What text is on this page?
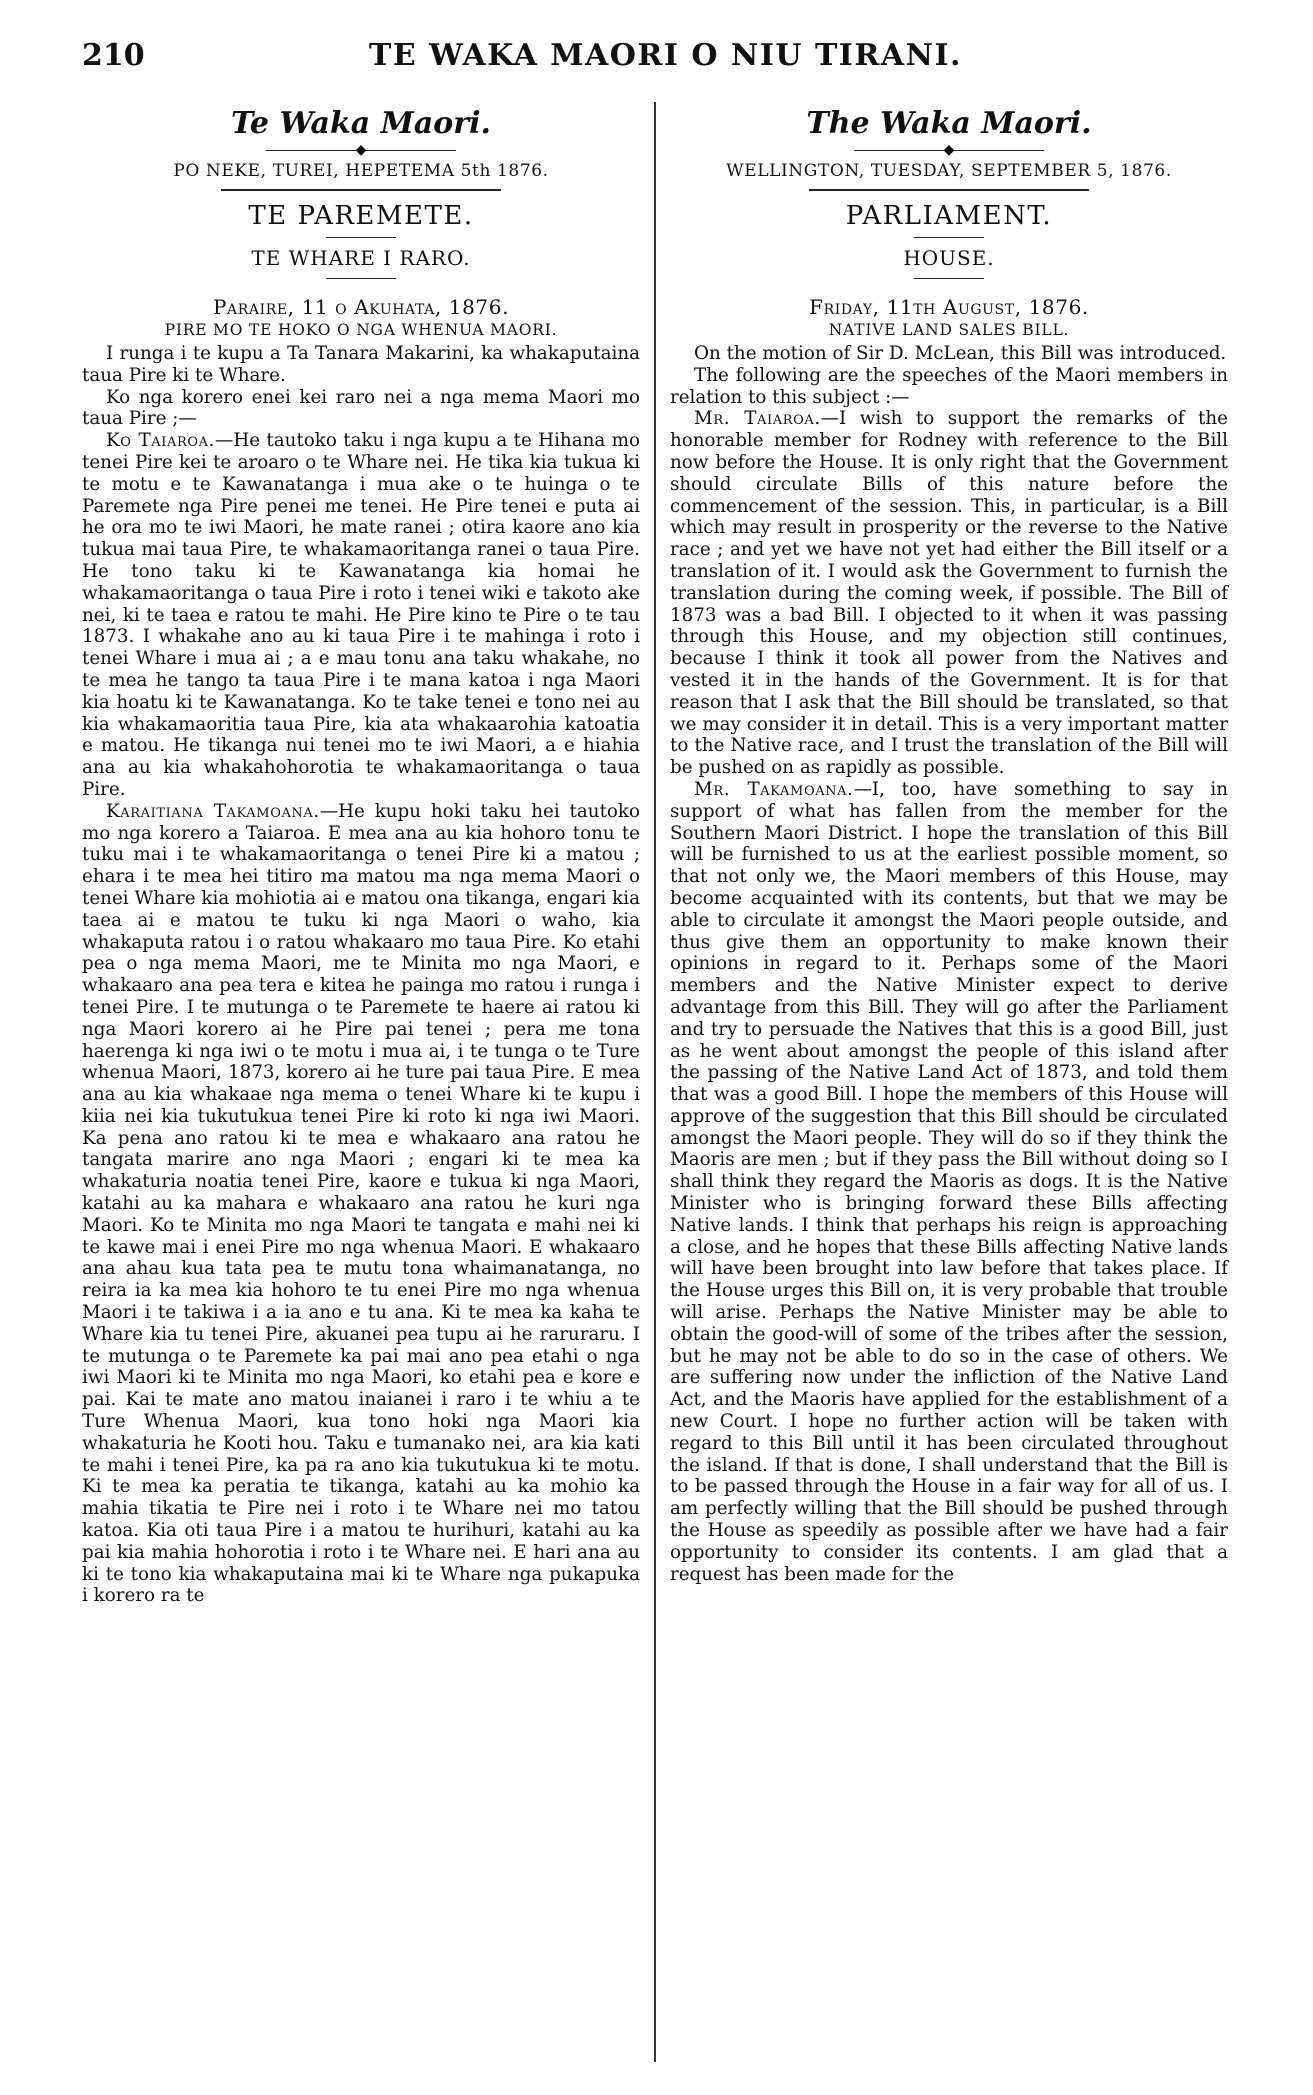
210	TE WAKA MAORI O NIU TIRANI.
Te Waka Maori.
◆
PO NEKE, TUREI, HEPETEMA 5th 1876.
TE PAREMETE.
TE WHARE I RARO.
Paraire, 11 o Akuhata, 1876.
PIRE MO TE HOKO O NGA WHENUA MAORI.

I runga i te kupu a Ta Tanara Makarini, ka whakaputaina taua Pire ki te Whare.

Ko nga korero enei kei raro nei a nga mema Maori mo taua Pire ;—

Ko Taiaroa.—He tautoko taku i nga kupu a te Hihana mo tenei Pire kei te aroaro o te Whare nei. He tika kia tukua ki te motu e te Kawanatanga i mua ake o te huinga o te Paremete nga Pire penei me tenei. He Pire tenei e puta ai he ora mo te iwi Maori, he mate ranei ; otira kaore ano kia tukua mai taua Pire, te whakamaoritanga ranei o taua Pire. He tono taku ki te Kawanatanga kia homai he whakamaoritanga o taua Pire i roto i tenei wiki e takoto ake nei, ki te taea e ratou te mahi. He Pire kino te Pire o te tau 1873. I whakahe ano au ki taua Pire i te mahinga i roto i tenei Whare i mua ai ; a e mau tonu ana taku whakahe, no te mea he tango ta taua Pire i te mana katoa i nga Maori kia hoatu ki te Kawanatanga. Ko te take tenei e tono nei au kia whakamaoritia taua Pire, kia ata whakaarohia katoatia e matou. He tikanga nui tenei mo te iwi Maori, a e hiahia ana au kia whakahohorotia te whakamaoritanga o taua Pire.

Karaitiana Takamoana.—He kupu hoki taku hei tautoko mo nga korero a Taiaroa. E mea ana au kia hohoro tonu te tuku mai i te whakamaoritanga o tenei Pire ki a matou ; ehara i te mea hei titiro ma matou ma nga mema Maori o tenei Whare kia mohiotia ai e matou ona tikanga, engari kia taea ai e matou te tuku ki nga Maori o waho, kia whakaputa ratou i o ratou whakaaro mo taua Pire. Ko etahi pea o nga mema Maori, me te Minita mo nga Maori, e whakaaro ana pea tera e kitea he painga mo ratou i runga i tenei Pire. I te mutunga o te Paremete te haere ai ratou ki nga Maori korero ai he Pire pai tenei ; pera me tona haerenga ki nga iwi o te motu i mua ai, i te tunga o te Ture whenua Maori, 1873, korero ai he ture pai taua Pire. E mea ana au kia whakaae nga mema o tenei Whare ki te kupu i kiia nei kia tukutukua tenei Pire ki roto ki nga iwi Maori. Ka pena ano ratou ki te mea e whakaaro ana ratou he tangata marire ano nga Maori ; engari ki te mea ka whakaturia noatia tenei Pire, kaore e tukua ki nga Maori, katahi au ka mahara e whakaaro ana ratou he kuri nga Maori. Ko te Minita mo nga Maori te tangata e mahi nei ki te kawe mai i enei Pire mo nga whenua Maori. E whakaaro ana ahau kua tata pea te mutu tona whaimanatanga, no reira ia ka mea kia hohoro te tu enei Pire mo nga whenua Maori i te takiwa i a ia ano e tu ana. Ki te mea ka kaha te Whare kia tu tenei Pire, akuanei pea tupu ai he raruraru. I te mutunga o te Paremete ka pai mai ano pea etahi o nga iwi Maori ki te Minita mo nga Maori, ko etahi pea e kore e pai. Kai te mate ano matou inaianei i raro i te whiu a te Ture Whenua Maori, kua tono hoki nga Maori kia whakaturia he Kooti hou. Taku e tumanako nei, ara kia kati te mahi i tenei Pire, ka pa ra ano kia tukutukua ki te motu. Ki te mea ka peratia te tikanga, katahi au ka mohio ka mahia tikatia te Pire nei i roto i te Whare nei mo tatou katoa. Kia oti taua Pire i a matou te hurihuri, katahi au ka pai kia mahia hohorotia i roto i te Whare nei. E hari ana au ki te tono kia whakaputaina mai ki te Whare nga pukapuka i korero ra te

The Waka Maori.
◆
WELLINGTON, TUESDAY, SEPTEMBER 5, 1876.
PARLIAMENT.
HOUSE.
Friday, 11th August, 1876.
NATIVE LAND SALES BILL.

On the motion of Sir D. McLean, this Bill was introduced.

The following are the speeches of the Maori members in relation to this subject :—

Mr. Taiaroa.—I wish to support the remarks of the honorable member for Rodney with reference to the Bill now before the House. It is only right that the Government should circulate Bills of this nature before the commencement of the session. This, in particular, is a Bill which may result in prosperity or the reverse to the Native race ; and yet we have not yet had either the Bill itself or a translation of it. I would ask the Government to furnish the translation during the coming week, if possible. The Bill of 1873 was a bad Bill. I objected to it when it was passing through this House, and my objection still continues, because I think it took all power from the Natives and vested it in the hands of the Government. It is for that reason that I ask that the Bill should be translated, so that we may consider it in detail. This is a very important matter to the Native race, and I trust the translation of the Bill will be pushed on as rapidly as possible.

Mr. Takamoana.—I, too, have something to say in support of what has fallen from the member for the Southern Maori District. I hope the translation of this Bill will be furnished to us at the earliest possible moment, so that not only we, the Maori members of this House, may become acquainted with its contents, but that we may be able to circulate it amongst the Maori people outside, and thus give them an opportunity to make known their opinions in regard to it. Perhaps some of the Maori members and the Native Minister expect to derive advantage from this Bill. They will go after the Parliament and try to persuade the Natives that this is a good Bill, just as he went about amongst the people of this island after the passing of the Native Land Act of 1873, and told them that was a good Bill. I hope the members of this House will approve of the suggestion that this Bill should be circulated amongst the Maori people. They will do so if they think the Maoris are men ; but if they pass the Bill without doing so I shall think they regard the Maoris as dogs. It is the Native Minister who is bringing forward these Bills affecting Native lands. I think that perhaps his reign is approaching a close, and he hopes that these Bills affecting Native lands will have been brought into law before that takes place. If the House urges this Bill on, it is very probable that trouble will arise. Perhaps the Native Minister may be able to obtain the good-will of some of the tribes after the session, but he may not be able to do so in the case of others. We are suffering now under the infliction of the Native Land Act, and the Maoris have applied for the establishment of a new Court. I hope no further action will be taken with regard to this Bill until it has been circulated throughout the island. If that is done, I shall understand that the Bill is to be passed through the House in a fair way for all of us. I am perfectly willing that the Bill should be pushed through the House as speedily as possible after we have had a fair opportunity to consider its contents. I am glad that a request has been made for the
